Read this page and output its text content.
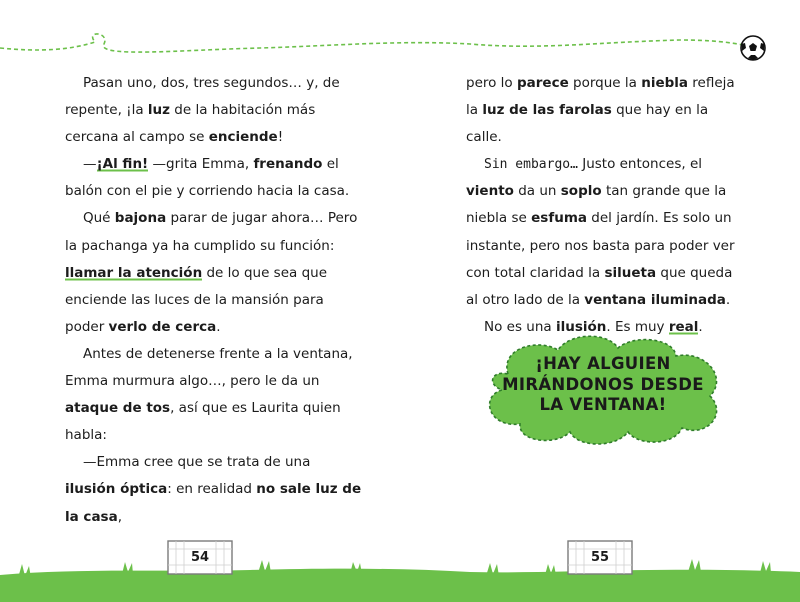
Pasan uno, dos, tres segundos… y, de repente, ¡la luz de la habitación más cercana al campo se enciende!

—¡Al fin! —grita Emma, frenando el balón con el pie y corriendo hacia la casa.

Qué bajona parar de jugar ahora… Pero la pachanga ya ha cumplido su función: llamar la atención de lo que sea que enciende las luces de la mansión para poder verlo de cerca.

Antes de detenerse frente a la ventana, Emma murmura algo…, pero le da un ataque de tos, así que es Laurita quien habla:

—Emma cree que se trata de una ilusión óptica: en realidad no sale luz de la casa,

pero lo parece porque la niebla refleja la luz de las farolas que hay en la calle.

Sin embargo… Justo entonces, el viento da un soplo tan grande que la niebla se esfuma del jardín. Es solo un instante, pero nos basta para poder ver con total claridad la silueta que queda al otro lado de la ventana iluminada.

No es una ilusión. Es muy real.

¡HAY ALGUIEN
MIRÁNDONOS DESDE
LA VENTANA!
54	55
